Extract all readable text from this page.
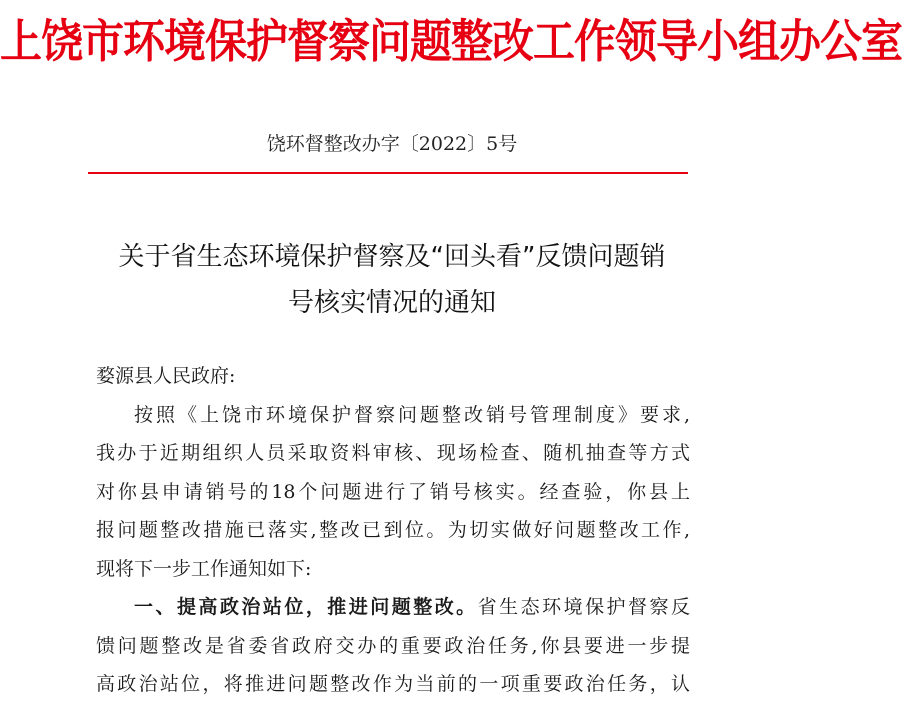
上饶市环境保护督察问题整改工作领导小组办公室
饶环督整改办字〔2022〕5号
关于省生态环境保护督察及“回头看”反馈问题销
号核实情况的通知

婺源县人民政府:

按照《上饶市环境保护督察问题整改销号管理制度》要求,

我办于近期组织人员采取资料审核、现场检查、随机抽查等方式

对你县申请销号的18个问题进行了销号核实。经查验，你县上

报问题整改措施已落实,整改已到位。为切实做好问题整改工作,

现将下一步工作通知如下:

一、提高政治站位，推进问题整改。省生态环境保护督察反

馈问题整改是省委省政府交办的重要政治任务,你县要进一步提

高政治站位，将推进问题整改作为当前的一项重要政治任务，认
